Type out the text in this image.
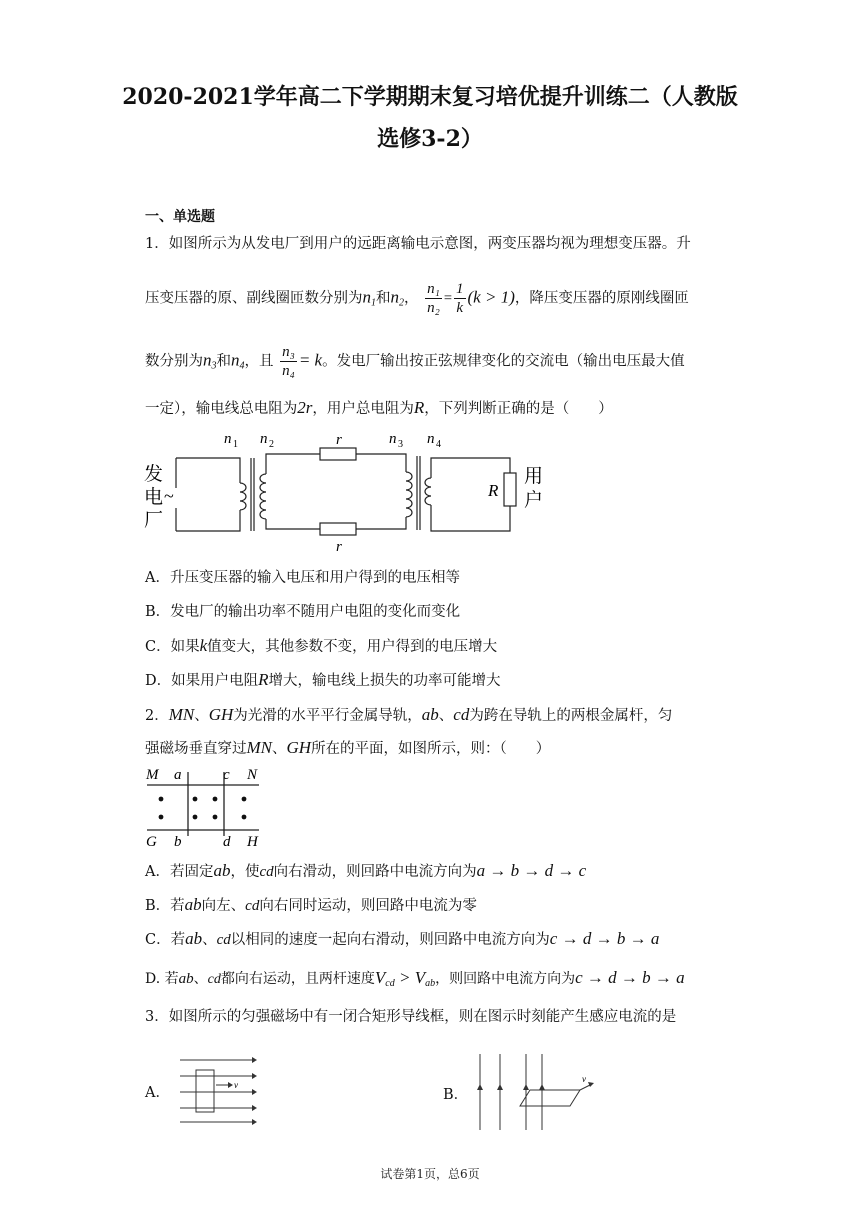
2020-2021学年高二下学期期末复习培优提升训练二（人教版
选修3-2）
一、单选题
1．如图所示为从发电厂到用户的远距离输电示意图，两变压器均视为理想变压器。升
压变压器的原、副线圈匝数分别为$n_1$和$n_2$， $\frac{\text{n₁}}{\text{n₂}} = \frac{1}{k} (k > 1)$，降压变压器的原刚线圈匝
数分别为$n_3$和$n_4$，且 $\frac{\text{n₃}}{\text{n₄}} = k$。发电厂输出按正弦规律变化的交流电（输出电压最大值
一定），输电线总电阻为2r，用户总电阻为R，下列判断正确的是（　　）
n 1 n 2	n 3 n 4
r
r
发
电
厂
~	R
用
户
A．升压变压器的输入电压和用户得到的电压相等
B．发电厂的输出功率不随用户电阻的变化而变化
C．如果k值变大，其他参数不变，用户得到的电压增大
D．如果用户电阻R增大，输电线上损失的功率可能增大
2．MN、GH为光滑的水平平行金属导轨，ab、cd为跨在导轨上的两根金属杆，匀
强磁场垂直穿过MN、GH所在的平面，如图所示，则：（　　）
M a	c N
G b	d H
A．若固定ab，使cd向右滑动，则回路中电流方向为a → b → d → c
B．若ab向左、cd向右同时运动，则回路中电流为零
C．若ab、cd以相同的速度一起向右滑动，则回路中电流方向为c → d → b → a
D. 若ab、cd都向右运动，且两杆速度$V_{cd} > V_{ab}$，则回路中电流方向为c → d → b → a
3．如图所示的匀强磁场中有一闭合矩形导线框，则在图示时刻能产生感应电流的是
A．	v
B．
v
试卷第1页，总6页
